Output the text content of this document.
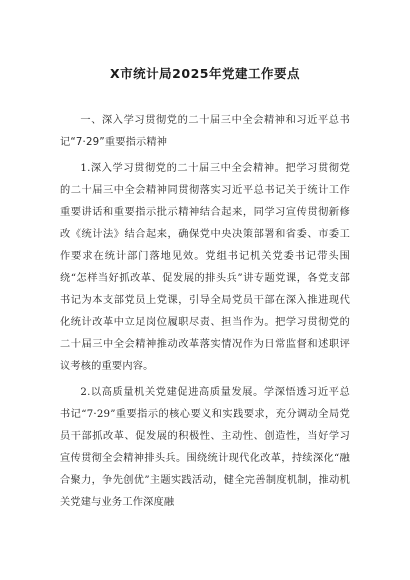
X市统计局2025年党建工作要点

一、深入学习贯彻党的二十届三中全会精神和习近平总书记“7·29”重要指示精神

1.深入学习贯彻党的二十届三中全会精神。把学习贯彻党的二十届三中全会精神同贯彻落实习近平总书记关于统计工作重要讲话和重要指示批示精神结合起来，同学习宣传贯彻新修改《统计法》结合起来，确保党中央决策部署和省委、市委工作要求在统计部门落地见效。党组书记机关党委书记带头围绕“怎样当好抓改革、促发展的排头兵”讲专题党课，各党支部书记为本支部党员上党课，引导全局党员干部在深入推进现代化统计改革中立足岗位履职尽责、担当作为。把学习贯彻党的二十届三中全会精神推动改革落实情况作为日常监督和述职评议考核的重要内容。

2.以高质量机关党建促进高质量发展。学深悟透习近平总书记“7·29”重要指示的核心要义和实践要求，充分调动全局党员干部抓改革、促发展的积极性、主动性、创造性，当好学习宣传贯彻全会精神排头兵。围绕统计现代化改革，持续深化“融合聚力，争先创优”主题实践活动，健全完善制度机制，推动机关党建与业务工作深度融
